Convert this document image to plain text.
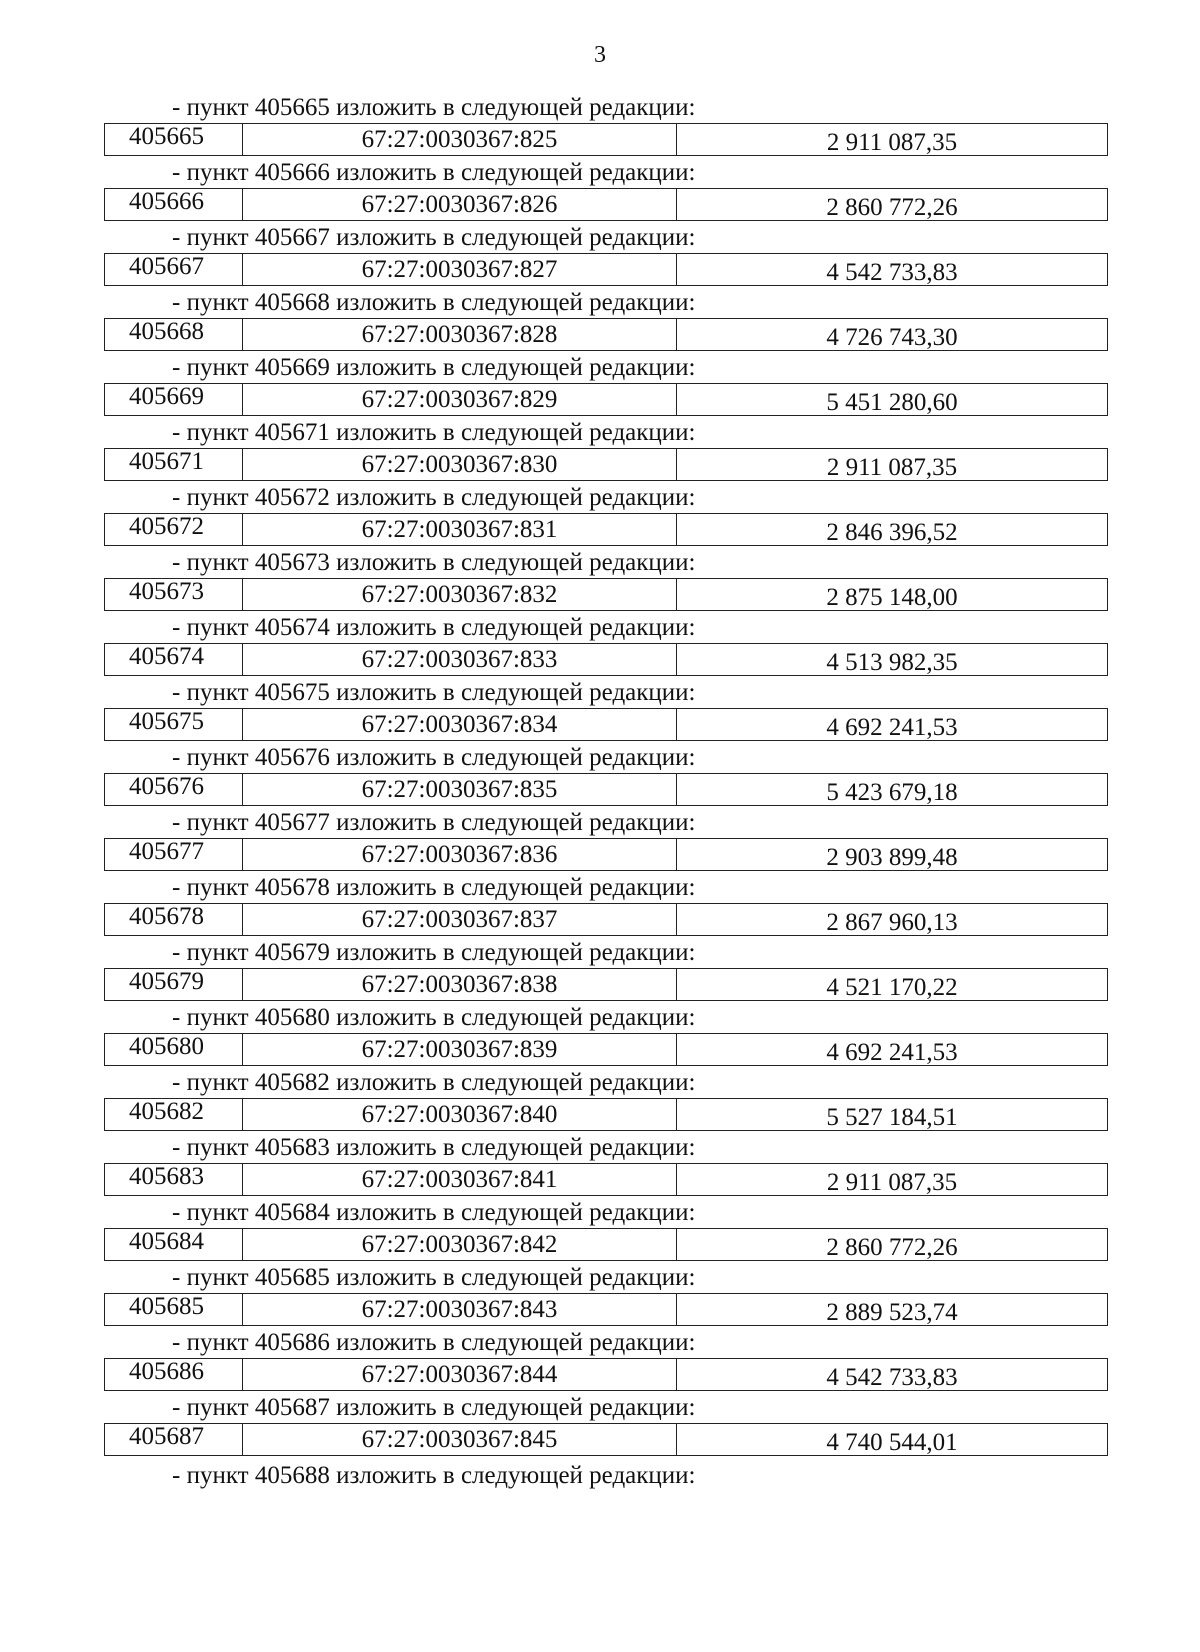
3
- пункт 405665 изложить в следующей редакции:
405665	67:27:0030367:825	2 911 087,35
- пункт 405666 изложить в следующей редакции:
405666	67:27:0030367:826	2 860 772,26
- пункт 405667 изложить в следующей редакции:
405667	67:27:0030367:827	4 542 733,83
- пункт 405668 изложить в следующей редакции:
405668	67:27:0030367:828	4 726 743,30
- пункт 405669 изложить в следующей редакции:
405669	67:27:0030367:829	5 451 280,60
- пункт 405671 изложить в следующей редакции:
405671	67:27:0030367:830	2 911 087,35
- пункт 405672 изложить в следующей редакции:
405672	67:27:0030367:831	2 846 396,52
- пункт 405673 изложить в следующей редакции:
405673	67:27:0030367:832	2 875 148,00
- пункт 405674 изложить в следующей редакции:
405674	67:27:0030367:833	4 513 982,35
- пункт 405675 изложить в следующей редакции:
405675	67:27:0030367:834	4 692 241,53
- пункт 405676 изложить в следующей редакции:
405676	67:27:0030367:835	5 423 679,18
- пункт 405677 изложить в следующей редакции:
405677	67:27:0030367:836	2 903 899,48
- пункт 405678 изложить в следующей редакции:
405678	67:27:0030367:837	2 867 960,13
- пункт 405679 изложить в следующей редакции:
405679	67:27:0030367:838	4 521 170,22
- пункт 405680 изложить в следующей редакции:
405680	67:27:0030367:839	4 692 241,53
- пункт 405682 изложить в следующей редакции:
405682	67:27:0030367:840	5 527 184,51
- пункт 405683 изложить в следующей редакции:
405683	67:27:0030367:841	2 911 087,35
- пункт 405684 изложить в следующей редакции:
405684	67:27:0030367:842	2 860 772,26
- пункт 405685 изложить в следующей редакции:
405685	67:27:0030367:843	2 889 523,74
- пункт 405686 изложить в следующей редакции:
405686	67:27:0030367:844	4 542 733,83
- пункт 405687 изложить в следующей редакции:
405687	67:27:0030367:845	4 740 544,01
- пункт 405688 изложить в следующей редакции:
